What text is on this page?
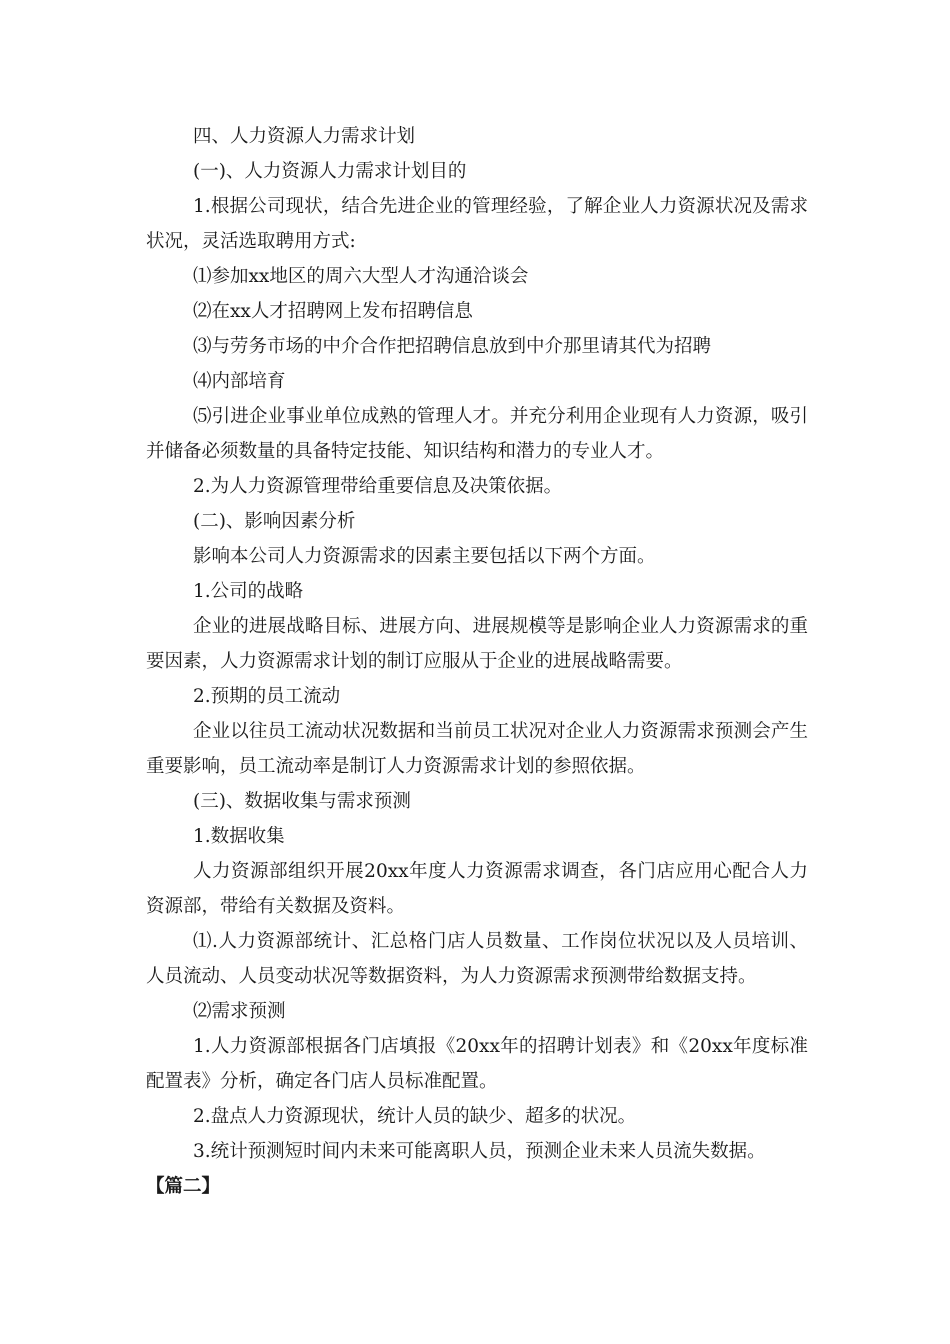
四、人力资源人力需求计划

(一)、人力资源人力需求计划目的

1.根据公司现状，结合先进企业的管理经验，了解企业人力资源状况及需求状况，灵活选取聘用方式:

⑴参加xx地区的周六大型人才沟通洽谈会

⑵在xx人才招聘网上发布招聘信息

⑶与劳务市场的中介合作把招聘信息放到中介那里请其代为招聘

⑷内部培育

⑸引进企业事业单位成熟的管理人才。并充分利用企业现有人力资源，吸引并储备必须数量的具备特定技能、知识结构和潜力的专业人才。

2.为人力资源管理带给重要信息及决策依据。

(二)、影响因素分析

影响本公司人力资源需求的因素主要包括以下两个方面。

1.公司的战略

企业的进展战略目标、进展方向、进展规模等是影响企业人力资源需求的重要因素，人力资源需求计划的制订应服从于企业的进展战略需要。

2.预期的员工流动

企业以往员工流动状况数据和当前员工状况对企业人力资源需求预测会产生重要影响，员工流动率是制订人力资源需求计划的参照依据。

(三)、数据收集与需求预测

1.数据收集

人力资源部组织开展20xx年度人力资源需求调查，各门店应用心配合人力资源部，带给有关数据及资料。

⑴.人力资源部统计、汇总格门店人员数量、工作岗位状况以及人员培训、人员流动、人员变动状况等数据资料，为人力资源需求预测带给数据支持。

⑵需求预测

1.人力资源部根据各门店填报《20xx年的招聘计划表》和《20xx年度标准配置表》分析，确定各门店人员标准配置。

2.盘点人力资源现状，统计人员的缺少、超多的状况。

3.统计预测短时间内未来可能离职人员，预测企业未来人员流失数据。

【篇二】
